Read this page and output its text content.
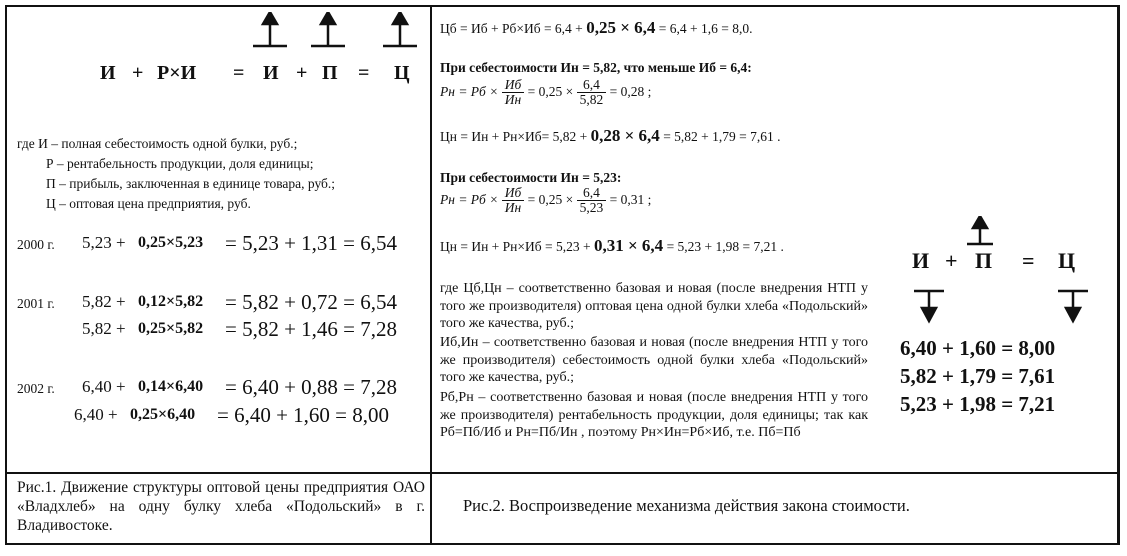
И + Р×И = И + П = Ц
где И – полная себестоимость одной булки, руб.;
Р – рентабельность продукции, доля единицы;
П – прибыль, заключенная в единице товара, руб.;
Ц – оптовая цена предприятия, руб.
2000 г. 5,23 + 0,25×5,23 = 5,23 + 1,31 = 6,54
2001 г. 5,82 + 0,12×5,82 = 5,82 + 0,72 = 6,54
5,82 + 0,25×5,82 = 5,82 + 1,46 = 7,28
2002 г. 6,40 + 0,14×6,40 = 6,40 + 0,88 = 7,28
6,40 + 0,25×6,40 = 6,40 + 1,60 = 8,00
Рис.1. Движение структуры оптовой цены предприятия ОАО «Владхлеб» на одну булку хлеба «Подольский» в г. Владивостоке.
Цб = Иб + Рб×Иб = 6,4 + 0,25 × 6,4 = 6,4 + 1,6 = 8,0.
При себестоимости Ин = 5,82, что меньше Иб = 6,4:
Рн = Рб × $\frac{Иб}{Ин} = 0,25 \times \frac{6,4}{5,82} = 0,28$ ;
Цн = Ин + Рн×Иб= 5,82 + 0,28 × 6,4 = 5,82 + 1,79 = 7,61 .
При себестоимости Ин = 5,23:
Рн = Рб × $\frac{Иб}{Ин} = 0,25 \times \frac{6,4}{5,23} = 0,31$ ;
Цн = Ин + Рн×Иб = 5,23 + 0,31 × 6,4 = 5,23 + 1,98 = 7,21 .
где Цб,Цн – соответственно базовая и новая (после внедрения НТП у того же производителя) оптовая цена одной булки хлеба «Подольский» того же качества, руб.;
Иб,Ин – соответственно базовая и новая (после внедрения НТП у того же производителя) себестоимость одной булки хлеба «Подольский» того же качества, руб.;
Рб,Рн – соответственно базовая и новая (после внедрения НТП у того же производителя) рентабельность продукции, доля единицы; так как Рб=Пб/Иб и Рн=Пб/Ин , поэтому Рн×Ин=Рб×Иб, т.е. Пб=Пб
И + П = Ц
6,40 + 1,60 = 8,00
5,82 + 1,79 = 7,61
5,23 + 1,98 = 7,21
Рис.2. Воспроизведение механизма действия закона стоимости.
